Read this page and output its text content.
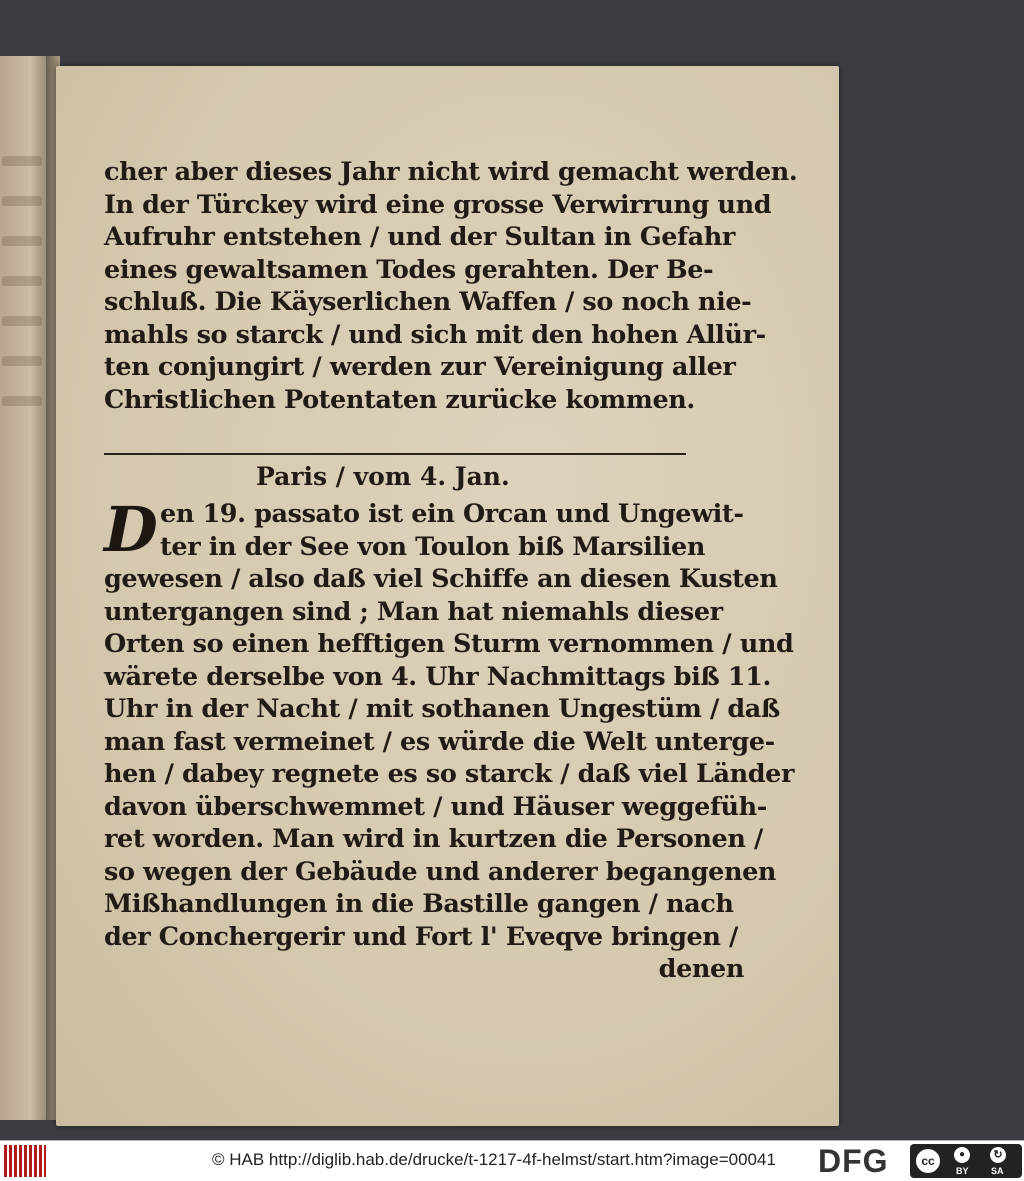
cher aber dieses Jahr nicht wird gemacht werden.
In der Türckey wird eine grosse Verwirrung und
Aufruhr entstehen / und der Sultan in Gefahr
eines gewaltsamen Todes gerahten. Der Be-
schluß. Die Käyserlichen Waffen / so noch nie-
mahls so starck / und sich mit den hohen Allür-
ten conjungirt / werden zur Vereinigung aller
Christlichen Potentaten zurücke kommen.
Paris / vom 4. Jan.
D en 19. passato ist ein Orcan und Ungewit-
ter in der See von Toulon biß Marsilien
gewesen / also daß viel Schiffe an diesen Kusten
untergangen sind ; Man hat niemahls dieser
Orten so einen hefftigen Sturm vernommen / und
wärete derselbe von 4. Uhr Nachmittags biß 11.
Uhr in der Nacht / mit sothanen Ungestüm / daß
man fast vermeinet / es würde die Welt unterge-
hen / dabey regnete es so starck / daß viel Länder
davon überschwemmet / und Häuser weggefüh-
ret worden. Man wird in kurtzen die Personen /
so wegen der Gebäude und anderer begangenen
Mißhandlungen in die Bastille gangen / nach
der Conchergerir und Fort l' Eveqve bringen /
denen
© HAB http://diglib.hab.de/drucke/t-1217-4f-helmst/start.htm?image=00041 DFG	cc	●
BY
↻
SA
